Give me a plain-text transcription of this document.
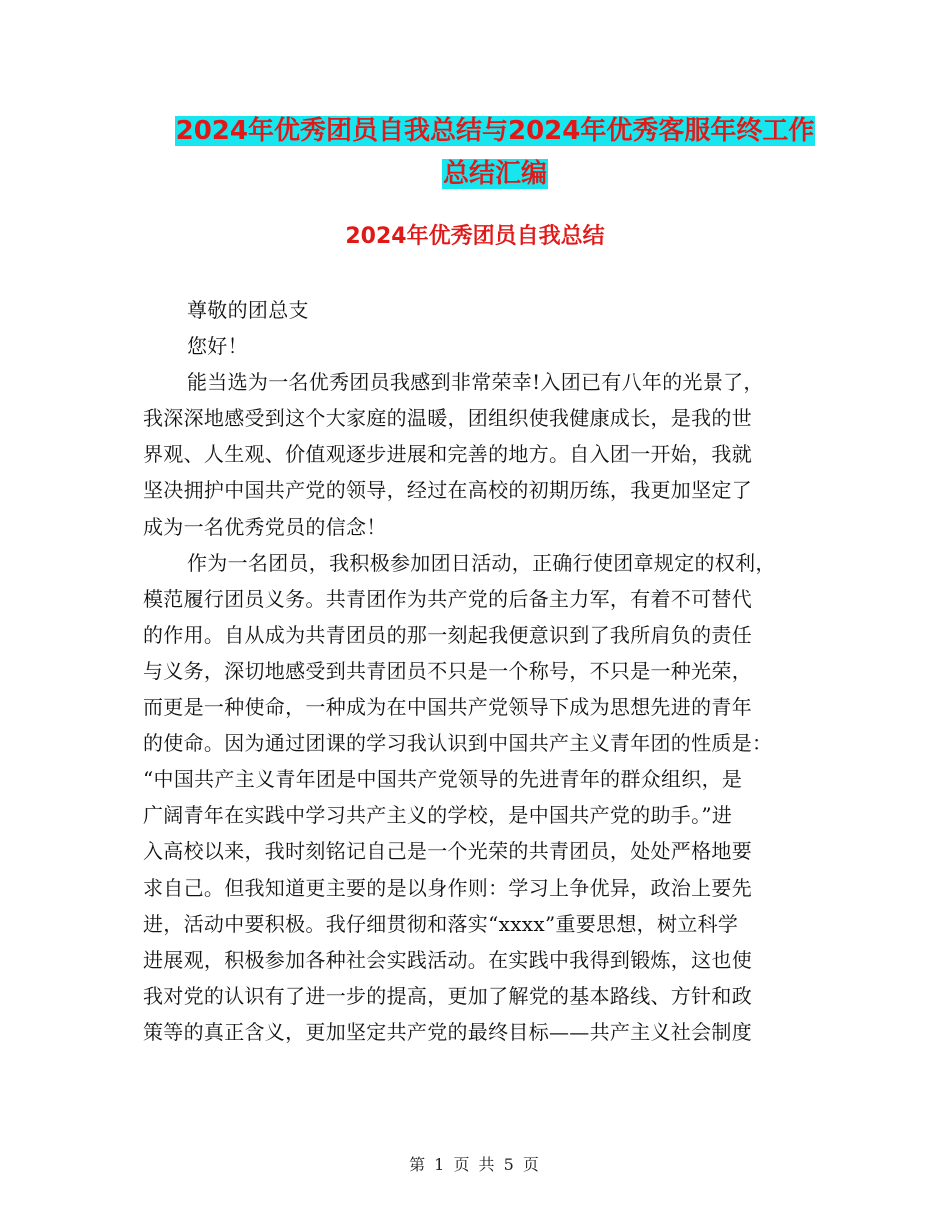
2024年优秀团员自我总结与2024年优秀客服年终工作
总结汇编
2024年优秀团员自我总结
尊敬的团总支
您好！
能当选为一名优秀团员我感到非常荣幸!入团已有八年的光景了，
我深深地感受到这个大家庭的温暖，团组织使我健康成长，是我的世
界观、人生观、价值观逐步进展和完善的地方。自入团一开始，我就
坚决拥护中国共产党的领导，经过在高校的初期历练，我更加坚定了
成为一名优秀党员的信念！
作为一名团员，我积极参加团日活动，正确行使团章规定的权利，
模范履行团员义务。共青团作为共产党的后备主力军，有着不可替代
的作用。自从成为共青团员的那一刻起我便意识到了我所肩负的责任
与义务，深切地感受到共青团员不只是一个称号，不只是一种光荣，
而更是一种使命，一种成为在中国共产党领导下成为思想先进的青年
的使命。因为通过团课的学习我认识到中国共产主义青年团的性质是：
“中国共产主义青年团是中国共产党领导的先进青年的群众组织，是
广阔青年在实践中学习共产主义的学校，是中国共产党的助手。”进
入高校以来，我时刻铭记自己是一个光荣的共青团员，处处严格地要
求自己。但我知道更主要的是以身作则：学习上争优异，政治上要先
进，活动中要积极。我仔细贯彻和落实“xxxx”重要思想，树立科学
进展观，积极参加各种社会实践活动。在实践中我得到锻炼，这也使
我对党的认识有了进一步的提高，更加了解党的基本路线、方针和政
策等的真正含义，更加坚定共产党的最终目标——共产主义社会制度
第 1 页 共 5 页
